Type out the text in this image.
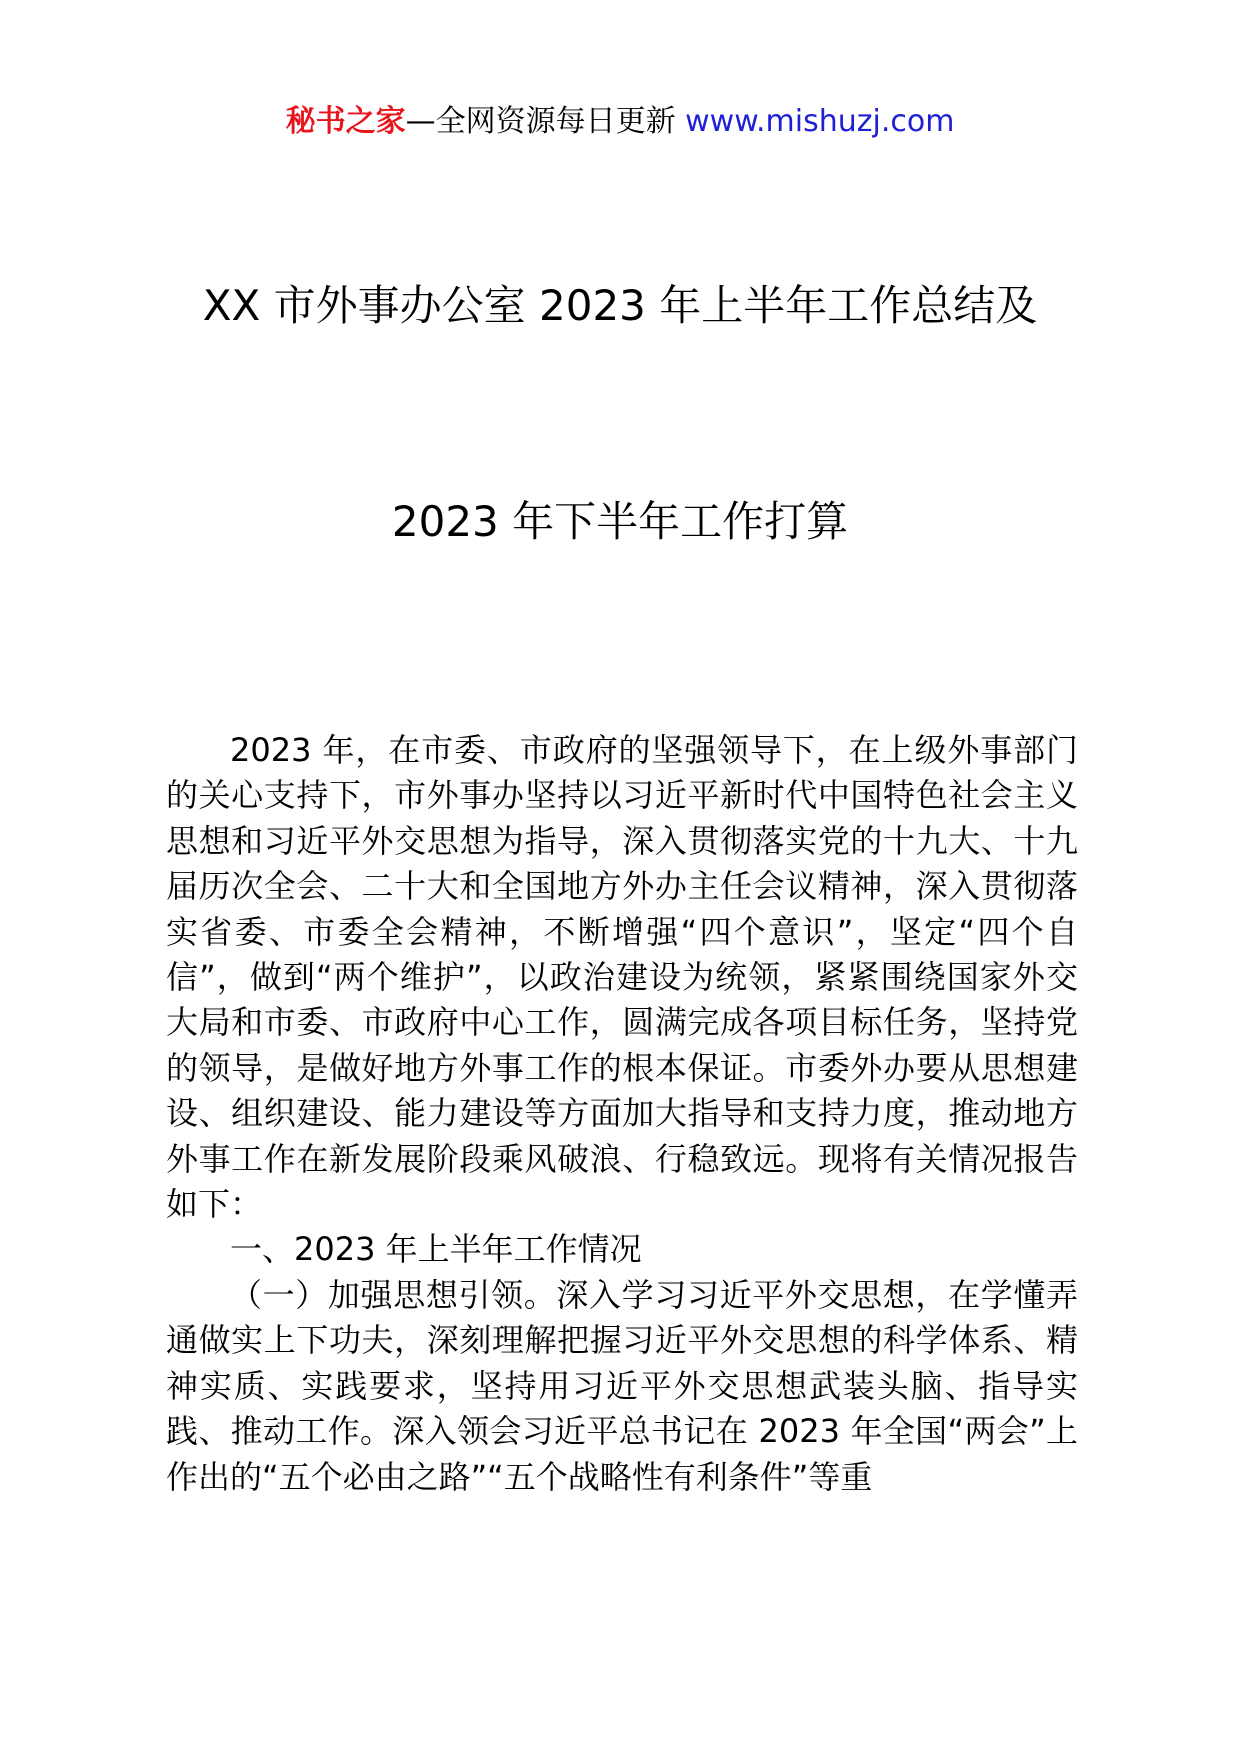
秘书之家—全网资源每日更新 www.mishuzj.com
XX 市外事办公室 2023 年上半年工作总结及
2023 年下半年工作打算

2023 年，在市委、市政府的坚强领导下，在上级外事部门的关心支持下，市外事办坚持以习近平新时代中国特色社会主义思想和习近平外交思想为指导，深入贯彻落实党的十九大、十九届历次全会、二十大和全国地方外办主任会议精神，深入贯彻落实省委、市委全会精神，不断增强“四个意识”，坚定“四个自信”，做到“两个维护”，以政治建设为统领，紧紧围绕国家外交大局和市委、市政府中心工作，圆满完成各项目标任务，坚持党的领导，是做好地方外事工作的根本保证。市委外办要从思想建设、组织建设、能力建设等方面加大指导和支持力度，推动地方外事工作在新发展阶段乘风破浪、行稳致远。现将有关情况报告如下：

一、2023 年上半年工作情况

（一）加强思想引领。深入学习习近平外交思想，在学懂弄通做实上下功夫，深刻理解把握习近平外交思想的科学体系、精神实质、实践要求，坚持用习近平外交思想武装头脑、指导实践、推动工作。深入领会习近平总书记在 2023 年全国“两会”上作出的“五个必由之路”“五个战略性有利条件”等重
